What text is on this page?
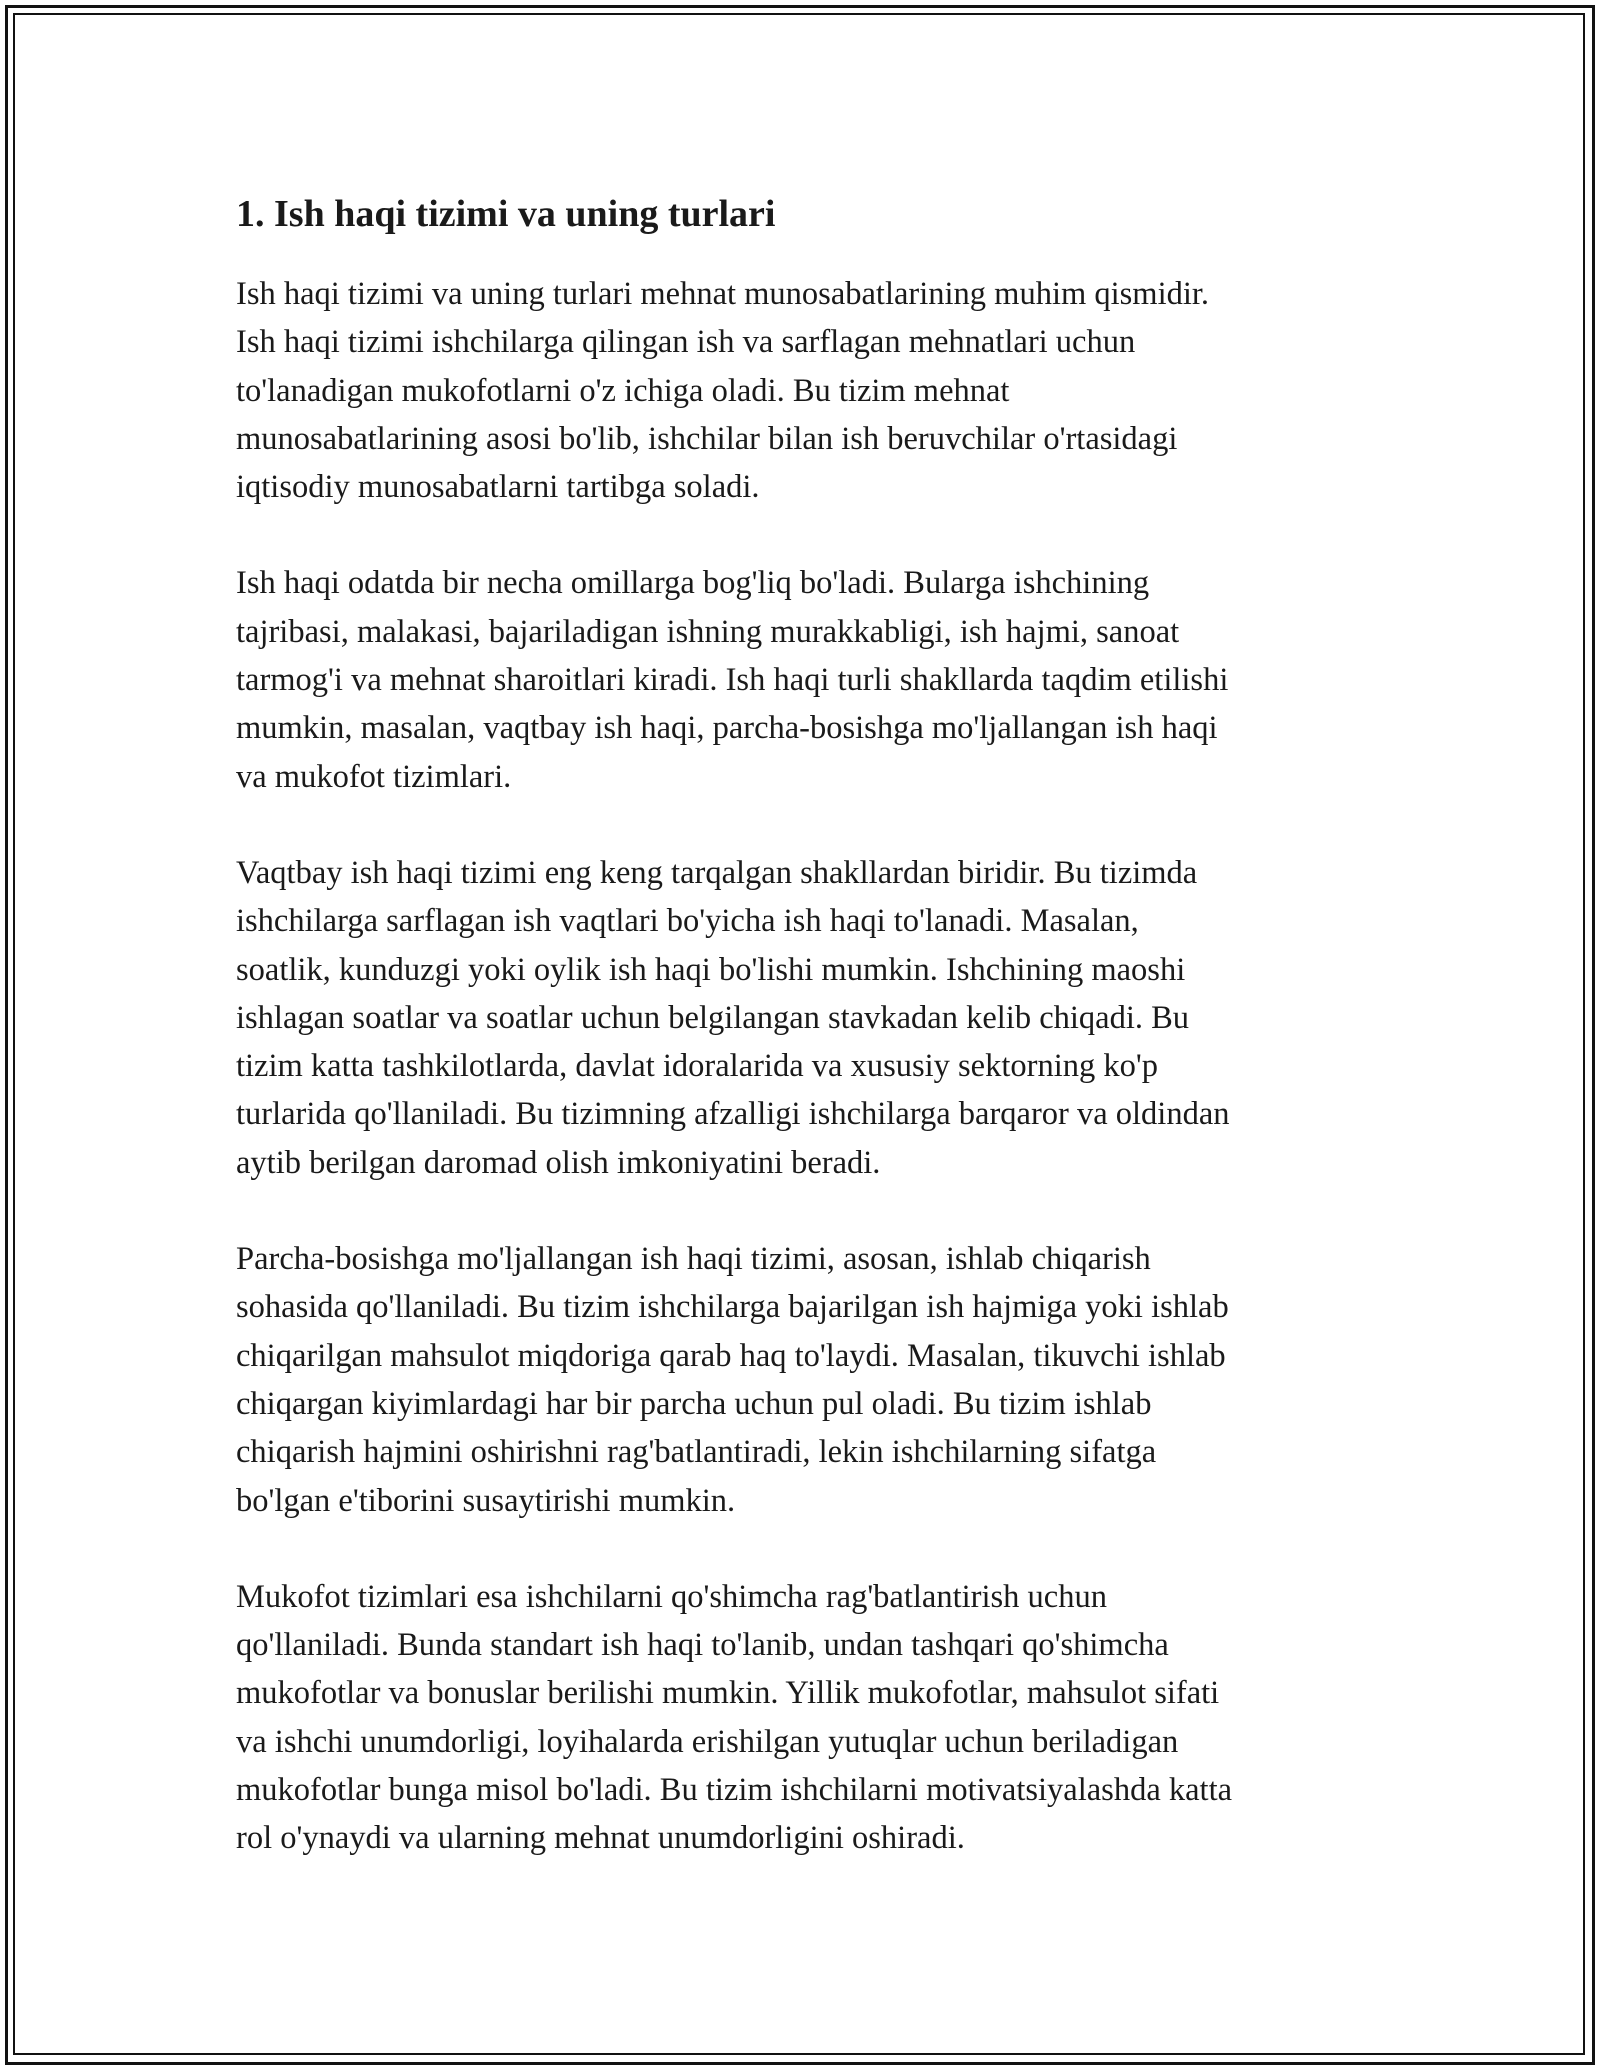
1. Ish haqi tizimi va uning turlari

Ish haqi tizimi va uning turlari mehnat munosabatlarining muhim qismidir.
Ish haqi tizimi ishchilarga qilingan ish va sarflagan mehnatlari uchun
to'lanadigan mukofotlarni o'z ichiga oladi. Bu tizim mehnat
munosabatlarining asosi bo'lib, ishchilar bilan ish beruvchilar o'rtasidagi
iqtisodiy munosabatlarni tartibga soladi.

Ish haqi odatda bir necha omillarga bog'liq bo'ladi. Bularga ishchining
tajribasi, malakasi, bajariladigan ishning murakkabligi, ish hajmi, sanoat
tarmog'i va mehnat sharoitlari kiradi. Ish haqi turli shakllarda taqdim etilishi
mumkin, masalan, vaqtbay ish haqi, parcha-bosishga mo'ljallangan ish haqi
va mukofot tizimlari.

Vaqtbay ish haqi tizimi eng keng tarqalgan shakllardan biridir. Bu tizimda
ishchilarga sarflagan ish vaqtlari bo'yicha ish haqi to'lanadi. Masalan,
soatlik, kunduzgi yoki oylik ish haqi bo'lishi mumkin. Ishchining maoshi
ishlagan soatlar va soatlar uchun belgilangan stavkadan kelib chiqadi. Bu
tizim katta tashkilotlarda, davlat idoralarida va xususiy sektorning ko'p
turlarida qo'llaniladi. Bu tizimning afzalligi ishchilarga barqaror va oldindan
aytib berilgan daromad olish imkoniyatini beradi.

Parcha-bosishga mo'ljallangan ish haqi tizimi, asosan, ishlab chiqarish
sohasida qo'llaniladi. Bu tizim ishchilarga bajarilgan ish hajmiga yoki ishlab
chiqarilgan mahsulot miqdoriga qarab haq to'laydi. Masalan, tikuvchi ishlab
chiqargan kiyimlardagi har bir parcha uchun pul oladi. Bu tizim ishlab
chiqarish hajmini oshirishni rag'batlantiradi, lekin ishchilarning sifatga
bo'lgan e'tiborini susaytirishi mumkin.

Mukofot tizimlari esa ishchilarni qo'shimcha rag'batlantirish uchun
qo'llaniladi. Bunda standart ish haqi to'lanib, undan tashqari qo'shimcha
mukofotlar va bonuslar berilishi mumkin. Yillik mukofotlar, mahsulot sifati
va ishchi unumdorligi, loyihalarda erishilgan yutuqlar uchun beriladigan
mukofotlar bunga misol bo'ladi. Bu tizim ishchilarni motivatsiyalashda katta
rol o'ynaydi va ularning mehnat unumdorligini oshiradi.
